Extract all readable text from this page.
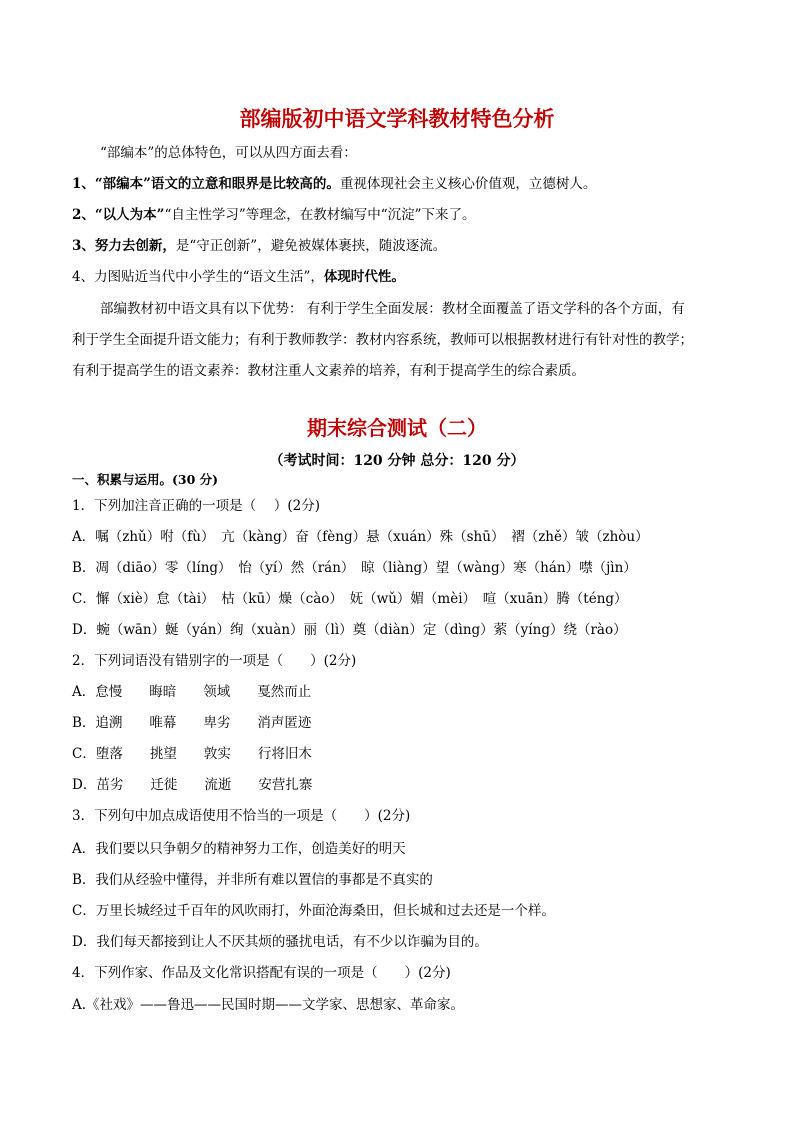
部编版初中语文学科教材特色分析
“部编本”的总体特色，可以从四方面去看：
1、“部编本”语文的立意和眼界是比较高的。重视体现社会主义核心价值观，立德树人。
2、“以人为本”“自主性学习”等理念，在教材编写中“沉淀”下来了。
3、努力去创新，是“守正创新”，避免被媒体裹挟，随波逐流。
4、力图贴近当代中小学生的“语文生活”，体现时代性。
部编教材初中语文具有以下优势： 有利于学生全面发展：教材全面覆盖了语文学科的各个方面，有
利于学生全面提升语文能力；有利于教师教学：教材内容系统，教师可以根据教材进行有针对性的教学；
有利于提高学生的语文素养：教材注重人文素养的培养，有利于提高学生的综合素质。
期末综合测试（二）
（考试时间：120 分钟 总分：120 分）
一、积累与运用。(30 分)
1．下列加注音正确的一项是（　 ）(2分)
A．嘱（zhǔ）咐（fù）　亢（kàng）奋（fèng）悬（xuán）殊（shū）　褶（zhě）皱（zhòu）
B．凋（diāo）零（líng）　怡（yí）然（rán）　晾（liàng）望（wàng）寒（hán）噤（jìn）
C．懈（xiè）怠（tài）　枯（kū）燥（cào）　妩（wǔ）媚（mèi）　喧（xuān）腾（téng）
D．蜿（wān）蜒（yán）绚（xuàn）丽（lì）奠（diàn）定（dìng）萦（yíng）绕（rào）
2．下列词语没有错别字的一项是（　　）(2分)
A．怠慢　　晦暗　　领域　　戛然而止
B．追溯　　唯幕　　卑劣　　消声匿迹
C．堕落　　挑望　　敦实　　行将旧木
D．茁劣　　迁徙　　流逝　　安营扎寨
3．下列句中加点成语使用不恰当的一项是（　　）(2分)
A．我们要以只争朝夕的精神努力工作，创造美好的明天
B．我们从经验中懂得，并非所有难以置信的事都是不真实的
C．万里长城经过千百年的风吹雨打，外面沧海桑田，但长城和过去还是一个样。
D．我们每天都接到让人不厌其烦的骚扰电话，有不少以诈骗为目的。
4．下列作家、作品及文化常识搭配有误的一项是（　　）(2分)
A.《社戏》——鲁迅——民国时期——文学家、思想家、革命家。
